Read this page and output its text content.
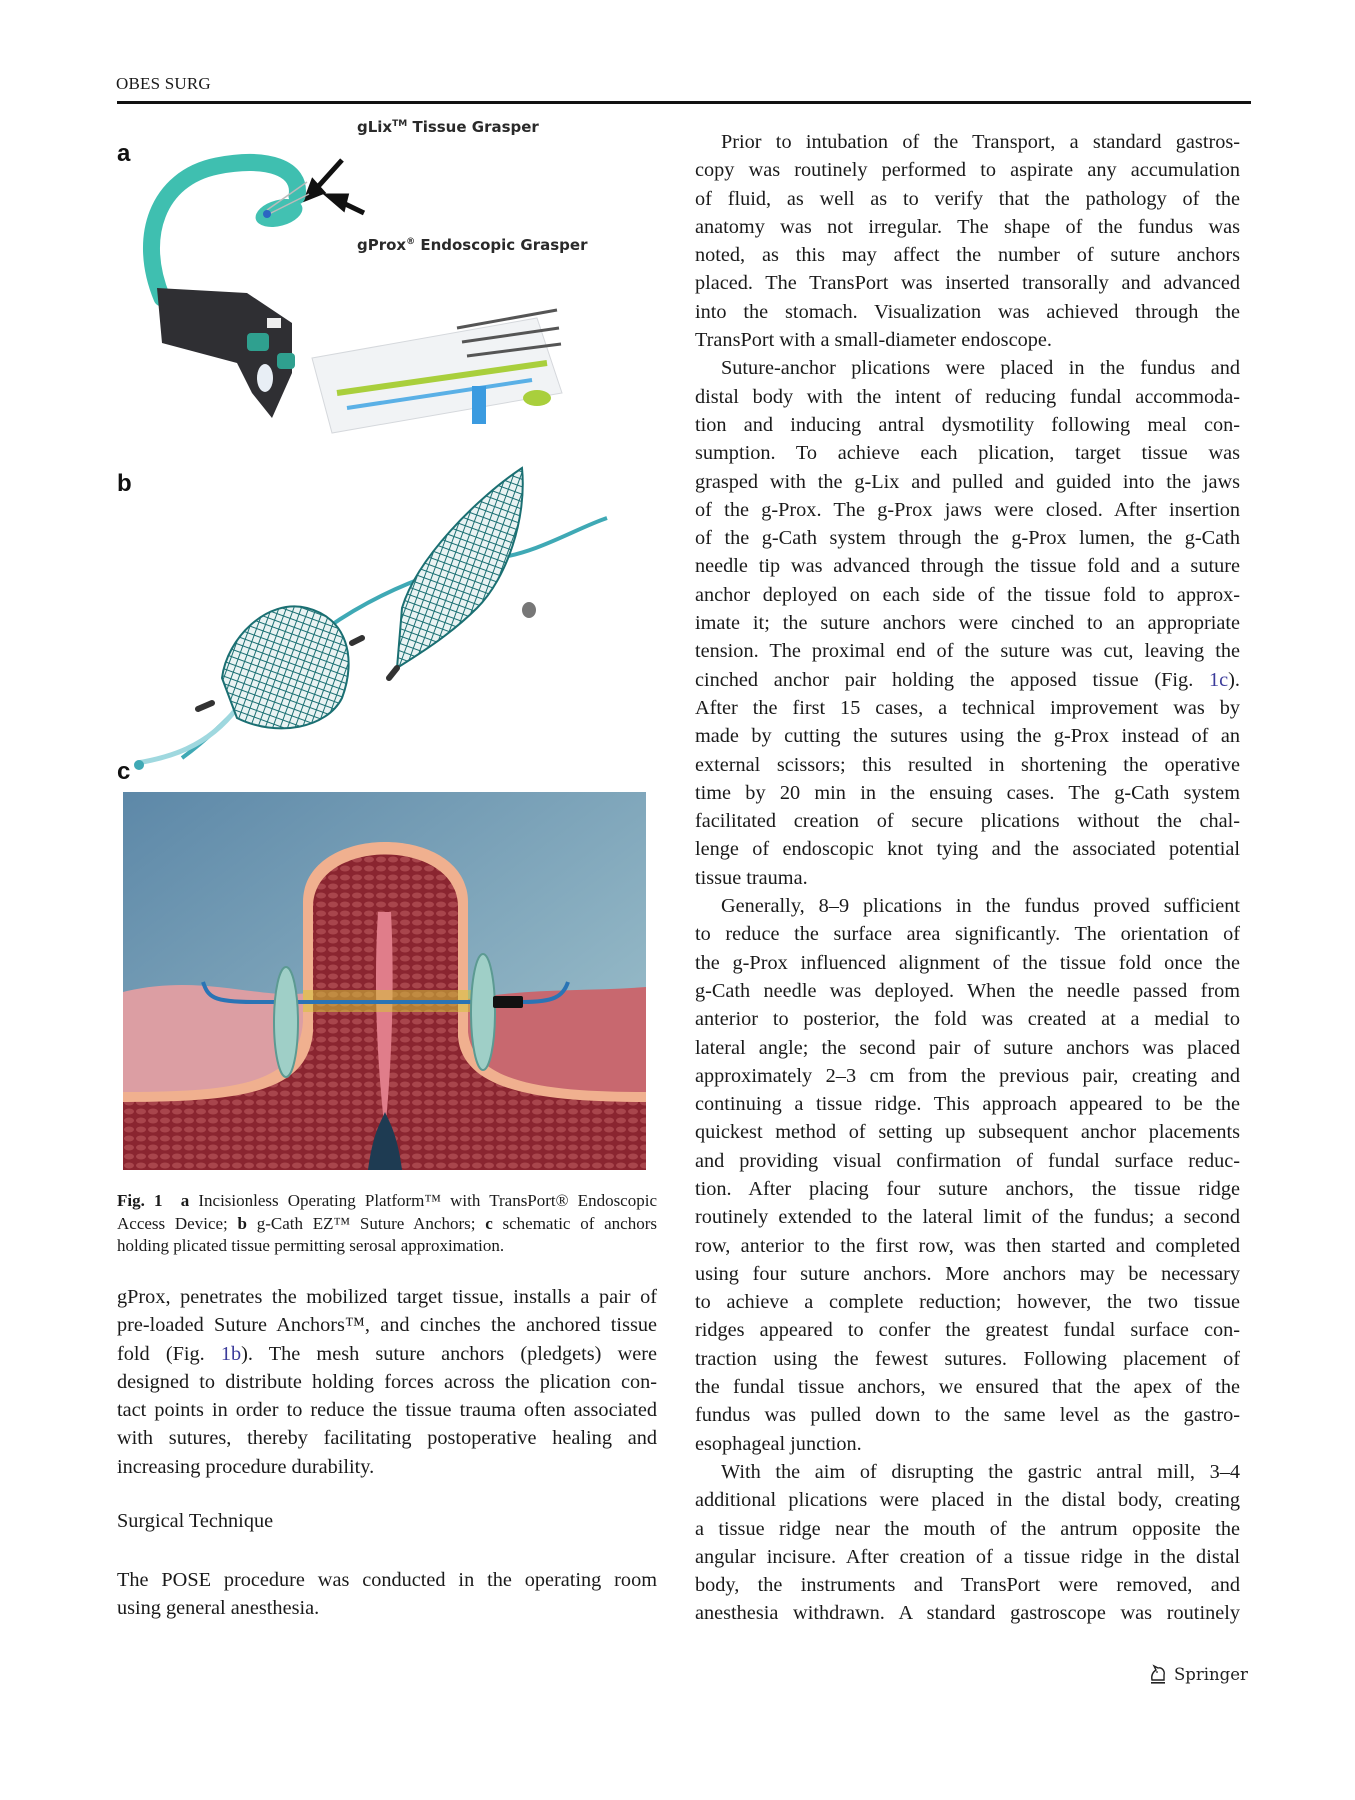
OBES SURG
a
gLix™ Tissue Grasper
gProx® Endoscopic Grasper
b
c
Fig. 1 a Incisionless Operating Platform™ with TransPort® Endoscopic Access Device; b g-Cath EZ™ Suture Anchors; c schematic of anchors holding plicated tissue permitting serosal approximation.
gProx, penetrates the mobilized target tissue, installs a pair of
pre-loaded Suture Anchors™, and cinches the anchored tissue
fold (Fig. 1b). The mesh suture anchors (pledgets) were
designed to distribute holding forces across the plication con-
tact points in order to reduce the tissue trauma often associated
with sutures, thereby facilitating postoperative healing and
increasing procedure durability.
Surgical Technique
The POSE procedure was conducted in the operating room
using general anesthesia.
Prior to intubation of the Transport, a standard gastros-
copy was routinely performed to aspirate any accumulation
of fluid, as well as to verify that the pathology of the
anatomy was not irregular. The shape of the fundus was
noted, as this may affect the number of suture anchors
placed. The TransPort was inserted transorally and advanced
into the stomach. Visualization was achieved through the
TransPort with a small-diameter endoscope.
Suture-anchor plications were placed in the fundus and
distal body with the intent of reducing fundal accommoda-
tion and inducing antral dysmotility following meal con-
sumption. To achieve each plication, target tissue was
grasped with the g-Lix and pulled and guided into the jaws
of the g-Prox. The g-Prox jaws were closed. After insertion
of the g-Cath system through the g-Prox lumen, the g-Cath
needle tip was advanced through the tissue fold and a suture
anchor deployed on each side of the tissue fold to approx-
imate it; the suture anchors were cinched to an appropriate
tension. The proximal end of the suture was cut, leaving the
cinched anchor pair holding the apposed tissue (Fig. 1c).
After the first 15 cases, a technical improvement was by
made by cutting the sutures using the g-Prox instead of an
external scissors; this resulted in shortening the operative
time by 20 min in the ensuing cases. The g-Cath system
facilitated creation of secure plications without the chal-
lenge of endoscopic knot tying and the associated potential
tissue trauma.
Generally, 8–9 plications in the fundus proved sufficient
to reduce the surface area significantly. The orientation of
the g-Prox influenced alignment of the tissue fold once the
g-Cath needle was deployed. When the needle passed from
anterior to posterior, the fold was created at a medial to
lateral angle; the second pair of suture anchors was placed
approximately 2–3 cm from the previous pair, creating and
continuing a tissue ridge. This approach appeared to be the
quickest method of setting up subsequent anchor placements
and providing visual confirmation of fundal surface reduc-
tion. After placing four suture anchors, the tissue ridge
routinely extended to the lateral limit of the fundus; a second
row, anterior to the first row, was then started and completed
using four suture anchors. More anchors may be necessary
to achieve a complete reduction; however, the two tissue
ridges appeared to confer the greatest fundal surface con-
traction using the fewest sutures. Following placement of
the fundal tissue anchors, we ensured that the apex of the
fundus was pulled down to the same level as the gastro-
esophageal junction.
With the aim of disrupting the gastric antral mill, 3–4
additional plications were placed in the distal body, creating
a tissue ridge near the mouth of the antrum opposite the
angular incisure. After creation of a tissue ridge in the distal
body, the instruments and TransPort were removed, and
anesthesia withdrawn. A standard gastroscope was routinely
Springer
